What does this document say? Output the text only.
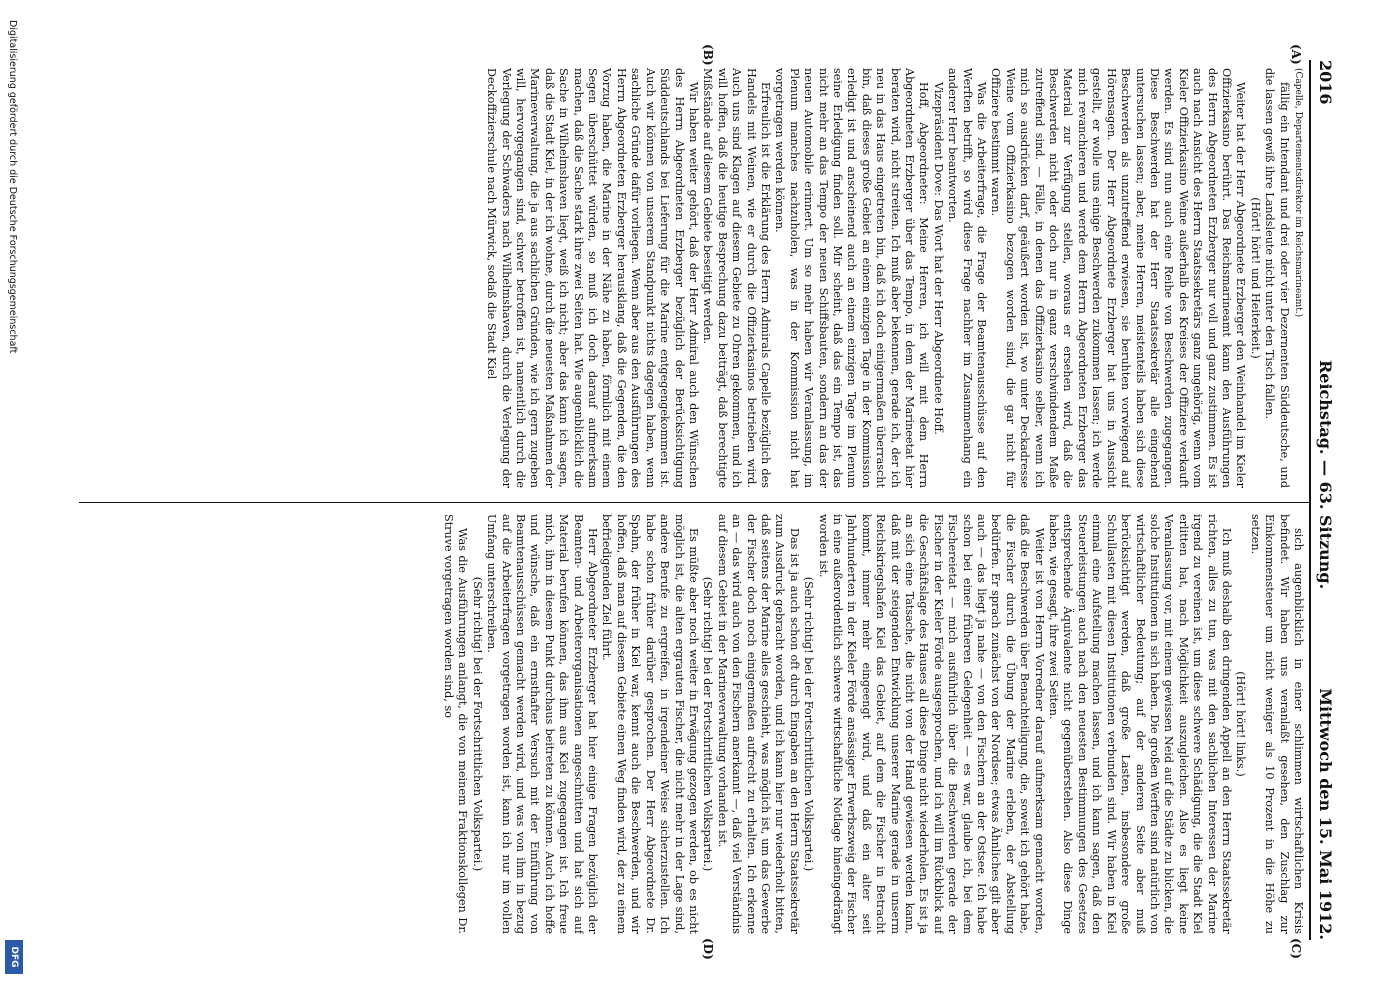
2016
Reichstag. — 63. Sitzung.
Mittwoch den 15. Mai 1912.
(A)
(B)
(C)
(D)

(Capelle, Departementsdirektor im Reichsmarineamt.)

fällig ein Intendant und drei oder vier Dezernenten Süddeutsche, und die lassen gewiß ihre Landsleute nicht unter den Tisch fallen.

(Hört! hört! und Heiterkeit.)

Weiter hat der Herr Abgeordnete Erzberger den Weinhandel im Kieler Offizierkasino berührt. Das Reichsmarineamt kann den Ausführungen des Herrn Abgeordneten Erzberger nur voll und ganz zustimmen. Es ist auch nach Ansicht des Herrn Staatssekretärs ganz ungehörig, wenn vom Kieler Offizierkasino Weine außerhalb des Kreises der Offiziere verkauft werden. Es sind nun auch eine Reihe von Beschwerden zugegangen. Diese Beschwerden hat der Herr Staatssekretär alle eingehend untersuchen lassen; aber, meine Herren, meistenteils haben sich diese Beschwerden als unzutreffend erwiesen, sie beruhten vorwiegend auf Hörensagen. Der Herr Abgeordnete Erzberger hat uns in Aussicht gestellt, er wolle uns einige Beschwerden zukommen lassen; ich werde mich revanchieren und werde dem Herrn Abgeordneten Erzberger das Material zur Verfügung stellen, woraus er ersehen wird, daß die Beschwerden nicht oder doch nur in ganz verschwindendem Maße zutreffend sind. — Fälle, in denen das Offizierkasino selber, wenn ich mich so ausdrücken darf, geäußert worden ist, wo unter Deckadresse Weine vom Offizierkasino bezogen worden sind, die gar nicht für Offiziere bestimmt waren.

Was die Arbeiterfrage, die Frage der Beamtenausschüsse auf den Werften betrifft, so wird diese Frage nachher im Zusammenhang ein anderer Herr beantworten.

Vizepräsident Dove: Das Wort hat der Herr Abgeordnete Hoff.

Hoff, Abgeordneter: Meine Herren, ich will mit dem Herrn Abgeordneten Erzberger über das Tempo, in dem der Marineetat hier beraten wird, nicht streiten. Ich muß aber bekennen, gerade ich, der ich neu in das Haus eingetreten bin, daß ich doch einigermaßen überrascht bin, daß dieses große Gebiet an einem einzigen Tage in der Kommission erledigt ist und anscheinend auch an einem einzigen Tage im Plenum seine Erledigung finden soll. Mir scheint, daß das ein Tempo ist, das nicht mehr an das Tempo der neuen Schiffsbauten, sondern an das der neuen Automobile erinnert. Um so mehr haben wir Veranlassung, im Plenum manches nachzuholen, was in der Kommission nicht hat vorgetragen werden können.

Erfreulich ist die Erklärung des Herrn Admirals Capelle bezüglich des Handels mit Weinen, wie er durch die Offizierkasinos betrieben wird. Auch uns sind Klagen auf diesem Gebiete zu Ohren gekommen, und ich will hoffen, daß die heutige Besprechung dazu beiträgt, daß berechtigte Mißstände auf diesem Gebiete beseitigt werden.

Wir haben weiter gehört, daß der Herr Admiral auch den Wünschen des Herrn Abgeordneten Erzberger bezüglich der Berücksichtigung Süddeutschlands bei Lieferung für die Marine entgegengekommen ist. Auch wir können von unserem Standpunkt nichts dagegen haben, wenn sachliche Gründe dafür vorliegen. Wenn aber aus den Ausführungen des Herrn Abgeordneten Erzberger herausklang, daß die Gegenden, die den Vorzug haben, die Marine in der Nähe zu haben, förmlich mit einem Segen überschüttet würden, so muß ich doch darauf aufmerksam machen, daß die Sache stark ihre zwei Seiten hat. Wie augenblicklich die Sache in Wilhelmshaven liegt, weiß ich nicht; aber das kann ich sagen, daß die Stadt Kiel, in der ich wohne, durch die neuesten Maßnahmen der Marineverwaltung, die ja aus sachlichen Gründen, wie ich gern zugeben will, hervorgegangen sind, schwer betroffen ist, namentlich durch die Verlegung der Schwaders nach Wilhelmshaven, durch die Verlegung der Deckoffizierschule nach Mürwick, sodaß die Stadt Kiel

sich augenblicklich in einer schlimmen wirtschaftlichen Krisis befindet. Wir haben uns veranlaßt gesehen, den Zuschlag zur Einkommensteuer um nicht weniger als 10 Prozent in die Höhe zu setzen.

(Hört! hört! links.)

Ich muß deshalb den dringenden Appell an den Herrn Staatssekretär richten, alles zu tun, was mit den sachlichen Interessen der Marine irgend zu vereinen ist, um diese schwere Schädigung, die die Stadt Kiel erlitten hat, nach Möglichkeit auszugleichen. Also es liegt keine Veranlassung vor, mit einem gewissen Neid auf die Städte zu blicken, die solche Institutionen in sich haben. Die großen Werften sind natürlich von wirtschaftlicher Bedeutung; auf der anderen Seite aber muß berücksichtigt werden, daß große Lasten, insbesondere große Schullasten mit diesen Institutionen verbunden sind. Wir haben in Kiel einmal eine Aufstellung machen lassen, und ich kann sagen, daß den Steuerleistungen auch nach den neuesten Bestimmungen des Gesetzes entsprechende Äquivalente nicht gegenüberstehen. Also diese Dinge haben, wie gesagt, ihre zwei Seiten.

Weiter ist von Herrn Vorredner darauf aufmerksam gemacht worden, daß die Beschwerden über Benachteiligung, die, soweit ich gehört habe, die Fischer durch die Übung der Marine erleben, der Abstellung bedürfen. Er sprach zunächst von der Nordsee; etwas Ähnliches gilt aber auch — das liegt ja nahe — von den Fischern an der Ostsee. Ich habe schon bei einer früheren Gelegenheit — es war, glaube ich, bei dem Fischereietat — mich ausführlich über die Beschwerden gerade der Fischer in der Kieler Förde ausgesprochen, und ich will im Rückblick auf die Geschäftslage des Hauses all diese Dinge nicht wiederholen. Es ist ja an sich eine Tatsache, die nicht von der Hand gewiesen werden kann, daß mit der steigenden Entwicklung unserer Marine gerade in unserm Reichskriegshafen Kiel das Gebiet, auf dem die Fischer in Betracht kommt, immer mehr eingeengt wird, und daß ein alter seit Jahrhunderten in der Kieler Förde ansässiger Erwerbszweig der Fischer in eine außerordentlich schwere wirtschaftliche Notlage hineingedrängt worden ist.

(Sehr richtig! bei der Fortschrittlichen Volkspartei.)

Das ist ja auch schon oft durch Eingaben an den Herrn Staatssekretär zum Ausdruck gebracht worden, und ich kann hier nur wiederholt bitten, daß seitens der Marine alles geschieht, was möglich ist, um das Gewerbe der Fischer doch noch einigermaßen aufrecht zu erhalten. Ich erkenne an — das wird auch von den Fischern anerkannt —, daß viel Verständnis auf diesem Gebiet in der Marineverwaltung vorhanden ist.

(Sehr richtig! bei der Fortschrittlichen Volkspartei.)

Es müßte aber noch weiter in Erwägung gezogen werden, ob es nicht möglich ist, die alten ergrauten Fischer, die nicht mehr in der Lage sind, andere Berufe zu ergreifen, in irgendeiner Weise sicherzustellen. Ich habe schon früher darüber gesprochen. Der Herr Abgeordnete Dr. Spahn, der früher in Kiel war, kennt auch die Beschwerden, und wir hoffen, daß man auf diesem Gebiete einen Weg finden wird, der zu einem befriedigenden Ziel führt.

Herr Abgeordneter Erzberger hat hier einige Fragen bezüglich der Beamten- und Arbeiterorganisationen angeschnitten und hat sich auf Material berufen können, das ihm aus Kiel zugegangen ist. Ich freue mich, ihm in diesem Punkt durchaus beitreten zu können. Auch ich hoffe und wünsche, daß ein ernsthafter Versuch mit der Einführung von Beamtenausschüssen gemacht werden wird, und was von ihm in bezug auf die Arbeiterfragen vorgetragen worden ist, kann ich nur im vollen Umfang unterschreiben.

(Sehr richtig! bei der Fortschrittlichen Volkspartei.)

Was die Ausführungen anlangt, die von meinem Fraktionskollegen Dr. Struve vorgetragen worden sind, so

Digitalisierung gefördert durch die Deutsche Forschungsgemeinschaft
DFG
